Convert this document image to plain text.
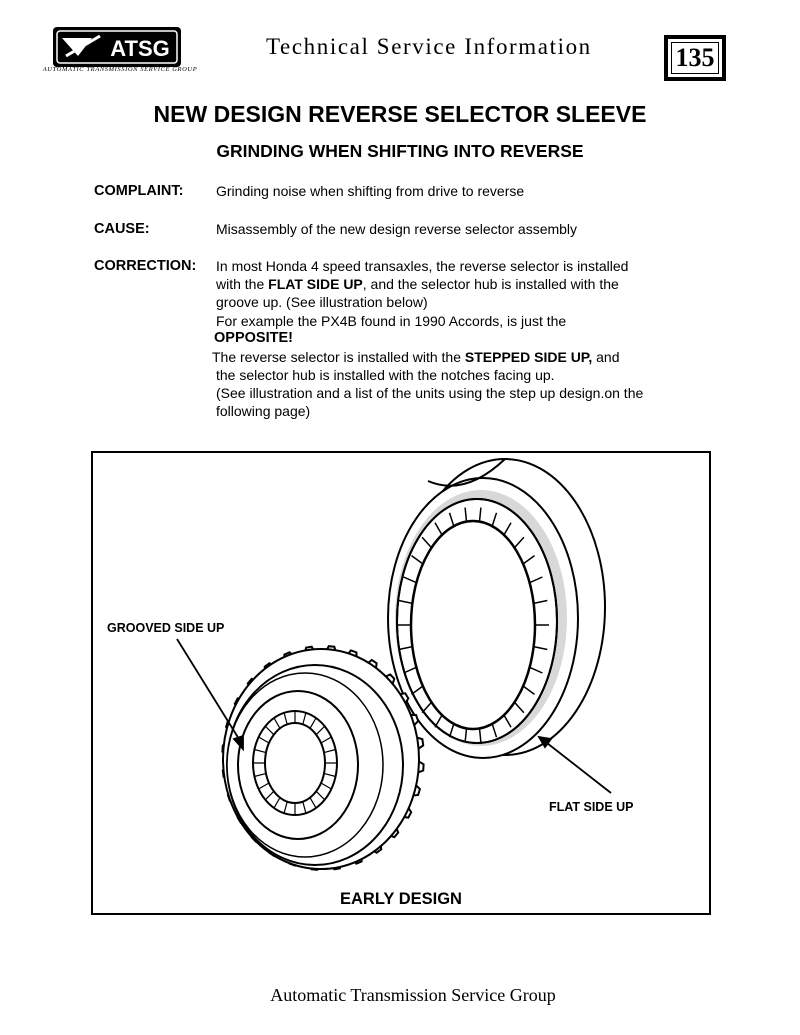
ATSG
AUTOMATIC TRANSMISSION SERVICE GROUP
Technical Service Information	135
NEW DESIGN REVERSE SELECTOR SLEEVE
GRINDING WHEN SHIFTING INTO REVERSE
COMPLAINT: Grinding noise when shifting from drive to reverse
CAUSE:	Misassembly of the new design reverse selector assembly
CORRECTION: In most Honda 4 speed transaxles, the reverse selector is installed
with the FLAT SIDE UP, and the selector hub is installed with the
groove up. (See illustration below)
For example the PX4B found in 1990 Accords, is just the
OPPOSITE!
The reverse selector is installed with the STEPPED SIDE UP, and
the selector hub is installed with the notches facing up.
(See illustration and a list of the units using the step up design.on the
following page)
GROOVED SIDE UP
FLAT SIDE UP
EARLY DESIGN
Automatic Transmission Service Group
